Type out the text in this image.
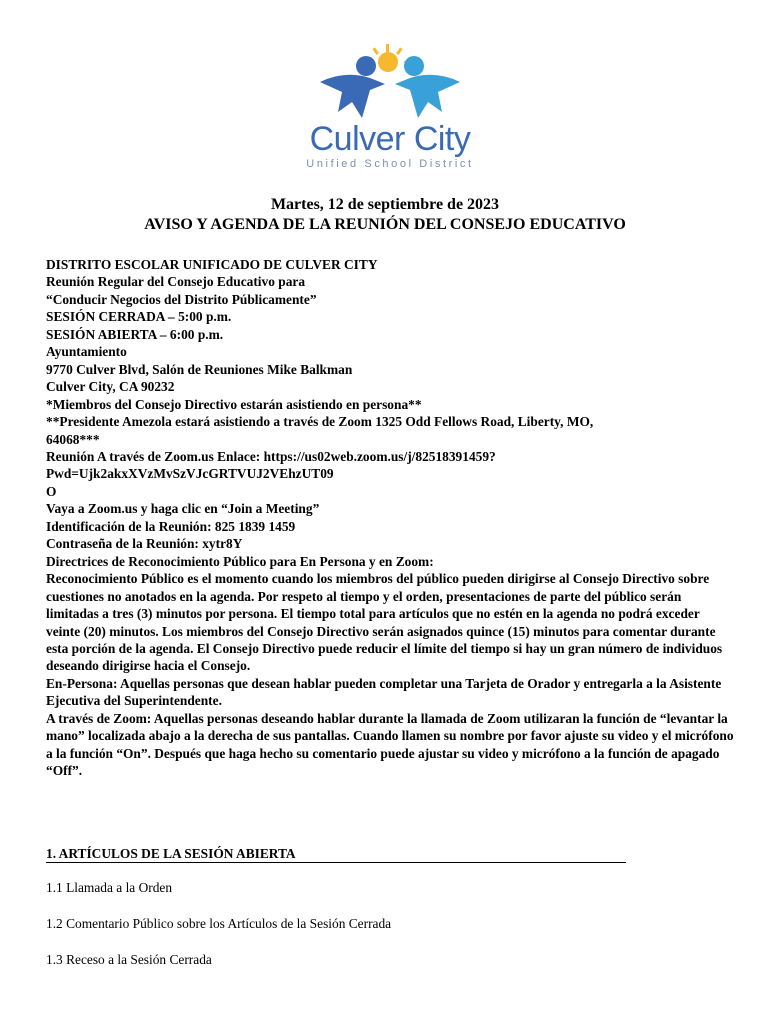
Culver City
Unified School District
Martes, 12 de septiembre de 2023
AVISO Y AGENDA DE LA REUNIÓN DEL CONSEJO EDUCATIVO
DISTRITO ESCOLAR UNIFICADO DE CULVER CITY
Reunión Regular del Consejo Educativo para
“Conducir Negocios del Distrito Públicamente”
SESIÓN CERRADA – 5:00 p.m.
SESIÓN ABIERTA – 6:00 p.m.
Ayuntamiento
9770 Culver Blvd, Salón de Reuniones Mike Balkman
Culver City, CA 90232
*Miembros del Consejo Directivo estarán asistiendo en persona**
**Presidente Amezola estará asistiendo a través de Zoom 1325 Odd Fellows Road, Liberty, MO,
64068***
Reunión A través de Zoom.us Enlace: https://us02web.zoom.us/j/82518391459?
Pwd=Ujk2akxXVzMvSzVJcGRTVUJ2VEhzUT09
O
Vaya a Zoom.us y haga clic en “Join a Meeting”
Identificación de la Reunión: 825 1839 1459
Contraseña de la Reunión: xytr8Y
Directrices de Reconocimiento Público para En Persona y en Zoom:
Reconocimiento Público es el momento cuando los miembros del público pueden dirigirse al Consejo Directivo sobre cuestiones no anotados en la agenda. Por respeto al tiempo y el orden, presentaciones de parte del público serán limitadas a tres (3) minutos por persona. El tiempo total para artículos que no estén en la agenda no podrá exceder veinte (20) minutos. Los miembros del Consejo Directivo serán asignados quince (15) minutos para comentar durante esta porción de la agenda. El Consejo Directivo puede reducir el límite del tiempo si hay un gran número de individuos deseando dirigirse hacia el Consejo.
En-Persona: Aquellas personas que desean hablar pueden completar una Tarjeta de Orador y entregarla a la Asistente Ejecutiva del Superintendente.
A través de Zoom: Aquellas personas deseando hablar durante la llamada de Zoom utilizaran la función de “levantar la mano” localizada abajo a la derecha de sus pantallas. Cuando llamen su nombre por favor ajuste su video y el micrófono a la función “On”. Después que haga hecho su comentario puede ajustar su video y micrófono a la función de apagado “Off”.
1. ARTÍCULOS DE LA SESIÓN ABIERTA
1.1 Llamada a la Orden
1.2 Comentario Público sobre los Artículos de la Sesión Cerrada
1.3 Receso a la Sesión Cerrada
